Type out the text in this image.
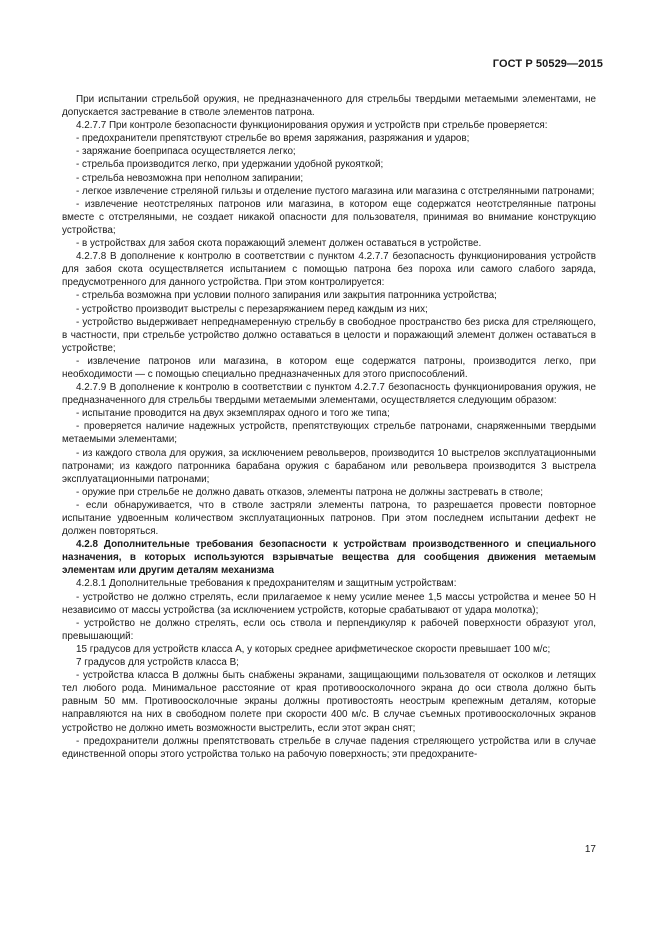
ГОСТ Р 50529—2015

При испытании стрельбой оружия, не предназначенного для стрельбы твердыми метаемыми элементами, не допускается застревание в стволе элементов патрона.

4.2.7.7 При контроле безопасности функционирования оружия и устройств при стрельбе проверяется:

- предохранители препятствуют стрельбе во время заряжания, разряжания и ударов;

- заряжание боеприпаса осуществляется легко;

- стрельба производится легко, при удержании удобной рукояткой;

- стрельба невозможна при неполном запирании;

- легкое извлечение стреляной гильзы и отделение пустого магазина или магазина с отстрелянными патронами;

- извлечение неотстреляных патронов или магазина, в котором еще содержатся неотстрелянные патроны вместе с отстреляными, не создает никакой опасности для пользователя, принимая во внимание конструкцию устройства;

- в устройствах для забоя скота поражающий элемент должен оставаться в устройстве.

4.2.7.8 В дополнение к контролю в соответствии с пунктом 4.2.7.7 безопасность функционирования устройств для забоя скота осуществляется испытанием с помощью патрона без пороха или самого слабого заряда, предусмотренного для данного устройства. При этом контролируется:

- стрельба возможна при условии полного запирания или закрытия патронника устройства;

- устройство производит выстрелы с перезаряжанием перед каждым из них;

- устройство выдерживает непреднамеренную стрельбу в свободное пространство без риска для стреляющего, в частности, при стрельбе устройство должно оставаться в целости и поражающий элемент должен оставаться в устройстве;

- извлечение патронов или магазина, в котором еще содержатся патроны, производится легко, при необходимости — с помощью специально предназначенных для этого приспособлений.

4.2.7.9 В дополнение к контролю в соответствии с пунктом 4.2.7.7 безопасность функционирования оружия, не предназначенного для стрельбы твердыми метаемыми элементами, осуществляется следующим образом:

- испытание проводится на двух экземплярах одного и того же типа;

- проверяется наличие надежных устройств, препятствующих стрельбе патронами, снаряженными твердыми метаемыми элементами;

- из каждого ствола для оружия, за исключением револьверов, производится 10 выстрелов эксплуатационными патронами; из каждого патронника барабана оружия с барабаном или револьвера производится 3 выстрела эксплуатационными патронами;

- оружие при стрельбе не должно давать отказов, элементы патрона не должны застревать в стволе;

- если обнаруживается, что в стволе застряли элементы патрона, то разрешается провести повторное испытание удвоенным количеством эксплуатационных патронов. При этом последнем испытании дефект не должен повторяться.

4.2.8 Дополнительные требования безопасности к устройствам производственного и специального назначения, в которых используются взрывчатые вещества для сообщения движения метаемым элементам или другим деталям механизма

4.2.8.1 Дополнительные требования к предохранителям и защитным устройствам:

- устройство не должно стрелять, если прилагаемое к нему усилие менее 1,5 массы устройства и менее 50 Н независимо от массы устройства (за исключением устройств, которые срабатывают от удара молотка);

- устройство не должно стрелять, если ось ствола и перпендикуляр к рабочей поверхности образуют угол, превышающий:

15 градусов для устройств класса А, у которых среднее арифметическое скорости превышает 100 м/с;

7 градусов для устройств класса В;

- устройства класса В должны быть снабжены экранами, защищающими пользователя от осколков и летящих тел любого рода. Минимальное расстояние от края противоосколочного экрана до оси ствола должно быть равным 50 мм. Противоосколочные экраны должны противостоять неострым крепежным деталям, которые направляются на них в свободном полете при скорости 400 м/с. В случае съемных противоосколочных экранов устройство не должно иметь возможности выстрелить, если этот экран снят;

- предохранители должны препятствовать стрельбе в случае падения стреляющего устройства или в случае единственной опоры этого устройства только на рабочую поверхность; эти предохраните-

17
